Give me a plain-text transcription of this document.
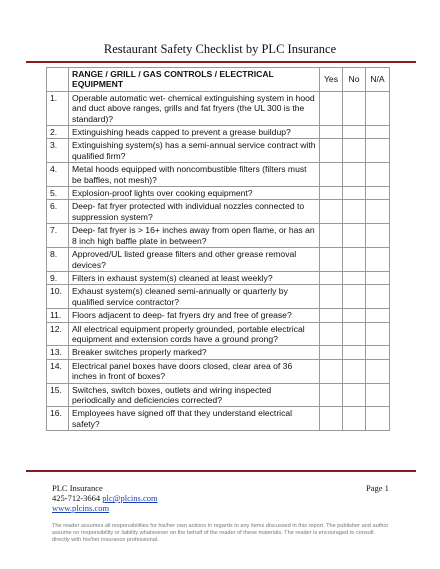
Restaurant Safety Checklist by PLC Insurance
	RANGE / GRILL / GAS CONTROLS / ELECTRICAL EQUIPMENT	Yes	No	N/A
1.	Operable automatic wet- chemical extinguishing system in hood and duct above ranges, grills and fat fryers (the UL 300 is the standard)?			
2.	Extinguishing heads capped to prevent a grease buildup?			
3.	Extinguishing system(s) has a semi-annual service contract with qualified firm?			
4.	Metal hoods equipped with noncombustible filters (filters must be baffles, not mesh)?			
5.	Explosion-proof lights over cooking equipment?			
6.	Deep- fat fryer protected with individual nozzles connected to suppression system?			
7.	Deep- fat fryer is > 16+ inches away from open flame, or has an 8 inch high baffle plate in between?			
8.	Approved/UL listed grease filters and other grease removal devices?			
9.	Filters in exhaust system(s) cleaned at least weekly?			
10.	Exhaust system(s) cleaned semi-annually or quarterly by qualified service contractor?			
11.	Floors adjacent to deep- fat fryers dry and free of grease?			
12.	All electrical equipment properly grounded, portable electrical equipment and extension cords have a ground prong?			
13.	Breaker switches properly marked?			
14.	Electrical panel boxes have doors closed, clear area of 36 inches in front of boxes?			
15.	Switches, switch boxes, outlets and wiring inspected periodically and deficiencies corrected?			
16.	Employees have signed off that they understand electrical safety?			
PLC Insurance
425-712-3664 plc@plcins.com
www.plcins.com
Page 1
The reader assumes all responsibilities for his/her own actions in regards to any items discussed in this report. The publisher and author assume no responsibility or liability whatsoever on the behalf of the reader of these materials. The reader is encouraged to consult directly with his/her insurance professional.
